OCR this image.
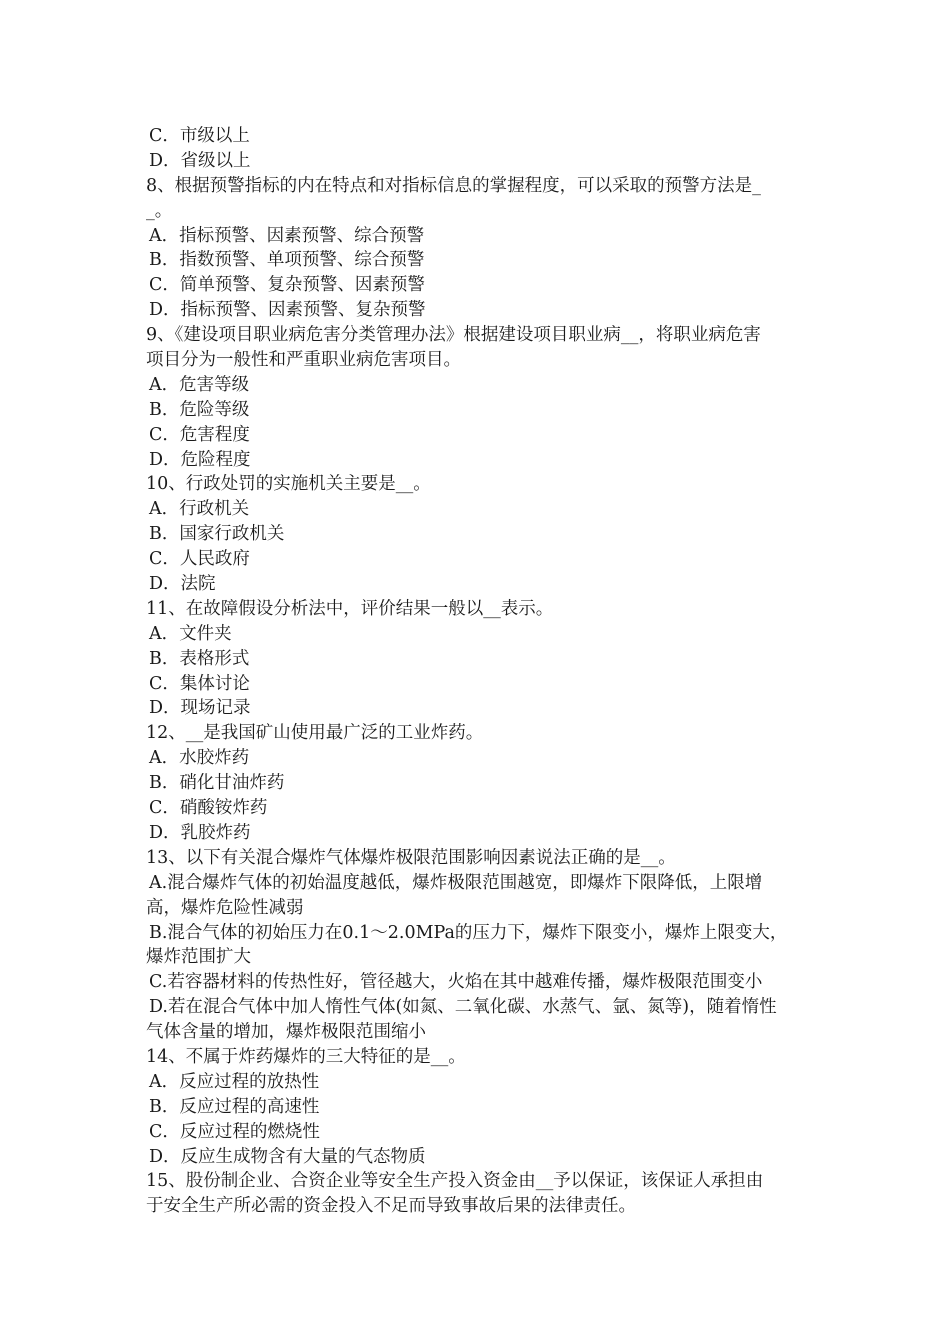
C．市级以上
D．省级以上
8、根据预警指标的内在特点和对指标信息的掌握程度，可以采取的预警方法是_
_。
A．指标预警、因素预警、综合预警
B．指数预警、单项预警、综合预警
C．简单预警、复杂预警、因素预警
D．指标预警、因素预警、复杂预警
9、《建设项目职业病危害分类管理办法》根据建设项目职业病__，将职业病危害
项目分为一般性和严重职业病危害项目。
A．危害等级
B．危险等级
C．危害程度
D．危险程度
10、行政处罚的实施机关主要是__。
A．行政机关
B．国家行政机关
C．人民政府
D．法院
11、在故障假设分析法中，评价结果一般以__表示。
A．文件夹
B．表格形式
C．集体讨论
D．现场记录
12、__是我国矿山使用最广泛的工业炸药。
A．水胶炸药
B．硝化甘油炸药
C．硝酸铵炸药
D．乳胶炸药
13、以下有关混合爆炸气体爆炸极限范围影响因素说法正确的是__。
A.混合爆炸气体的初始温度越低，爆炸极限范围越宽，即爆炸下限降低，上限增
高，爆炸危险性减弱
B.混合气体的初始压力在0.1～2.0MPa的压力下，爆炸下限变小，爆炸上限变大，
爆炸范围扩大
C.若容器材料的传热性好，管径越大，火焰在其中越难传播，爆炸极限范围变小
D.若在混合气体中加人惰性气体(如氮、二氧化碳、水蒸气、氩、氮等)，随着惰性
气体含量的增加，爆炸极限范围缩小
14、不属于炸药爆炸的三大特征的是__。
A．反应过程的放热性
B．反应过程的高速性
C．反应过程的燃烧性
D．反应生成物含有大量的气态物质
15、股份制企业、合资企业等安全生产投入资金由__予以保证，该保证人承担由
于安全生产所必需的资金投入不足而导致事故后果的法律责任。
